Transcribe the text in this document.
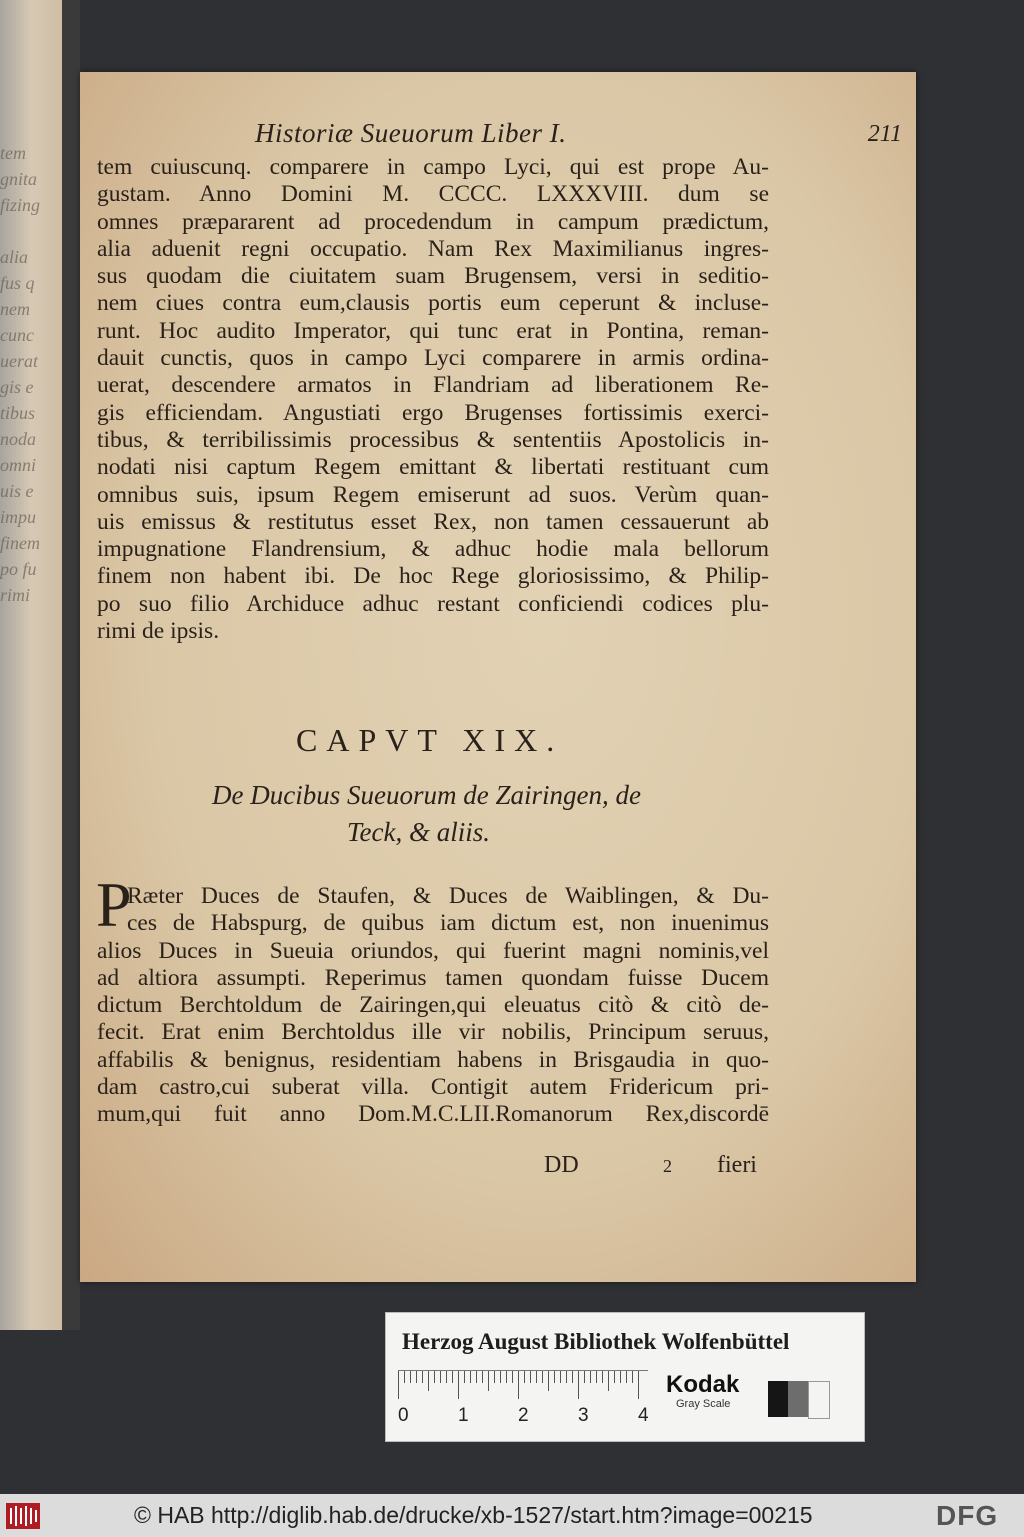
tem
gnita
fizing

alia
fus q
nem
cunc
uerat
gis e
tibus
noda
omni
uis e
impu
finem
po fu
rimi
Historiæ Sueuorum Liber I.	211
tem cuiuscunq. comparere in campo Lyci, qui est prope Au-
gustam. Anno Domini M. CCCC. LXXXVIII. dum se
omnes præpararent ad procedendum in campum prædictum,
alia aduenit regni occupatio. Nam Rex Maximilianus ingres-
sus quodam die ciuitatem suam Brugensem, versi in seditio-
nem ciues contra eum,clausis portis eum ceperunt & incluse-
runt. Hoc audito Imperator, qui tunc erat in Pontina, reman-
dauit cunctis, quos in campo Lyci comparere in armis ordina-
uerat, descendere armatos in Flandriam ad liberationem Re-
gis efficiendam. Angustiati ergo Brugenses fortissimis exerci-
tibus, & terribilissimis processibus & sententiis Apostolicis in-
nodati nisi captum Regem emittant & libertati restituant cum
omnibus suis, ipsum Regem emiserunt ad suos. Verùm quan-
uis emissus & restitutus esset Rex, non tamen cessauerunt ab
impugnatione Flandrensium, & adhuc hodie mala bellorum
finem non habent ibi. De hoc Rege gloriosissimo, & Philip-
po suo filio Archiduce adhuc restant conficiendi codices plu-
rimi de ipsis.
CAPVT XIX.
De Ducibus Sueuorum de Zairingen, de
Teck, & aliis.
P
Ræter Duces de Staufen, & Duces de Waiblingen, & Du-
ces de Habspurg, de quibus iam dictum est, non inuenimus
alios Duces in Sueuia oriundos, qui fuerint magni nominis,vel
ad altiora assumpti. Reperimus tamen quondam fuisse Ducem
dictum Berchtoldum de Zairingen,qui eleuatus citò & citò de-
fecit. Erat enim Berchtoldus ille vir nobilis, Principum seruus,
affabilis & benignus, residentiam habens in Brisgaudia in quo-
dam castro,cui suberat villa. Contigit autem Fridericum pri-
mum,qui fuit anno Dom.M.C.LII.Romanorum Rex,discordē
DD	2 fieri
Herzog August Bibliothek Wolfenbüttel
Kodak
Gray Scale
0	1	2	3	4
© HAB http://diglib.hab.de/drucke/xb-1527/start.htm?image=00215	DFG
